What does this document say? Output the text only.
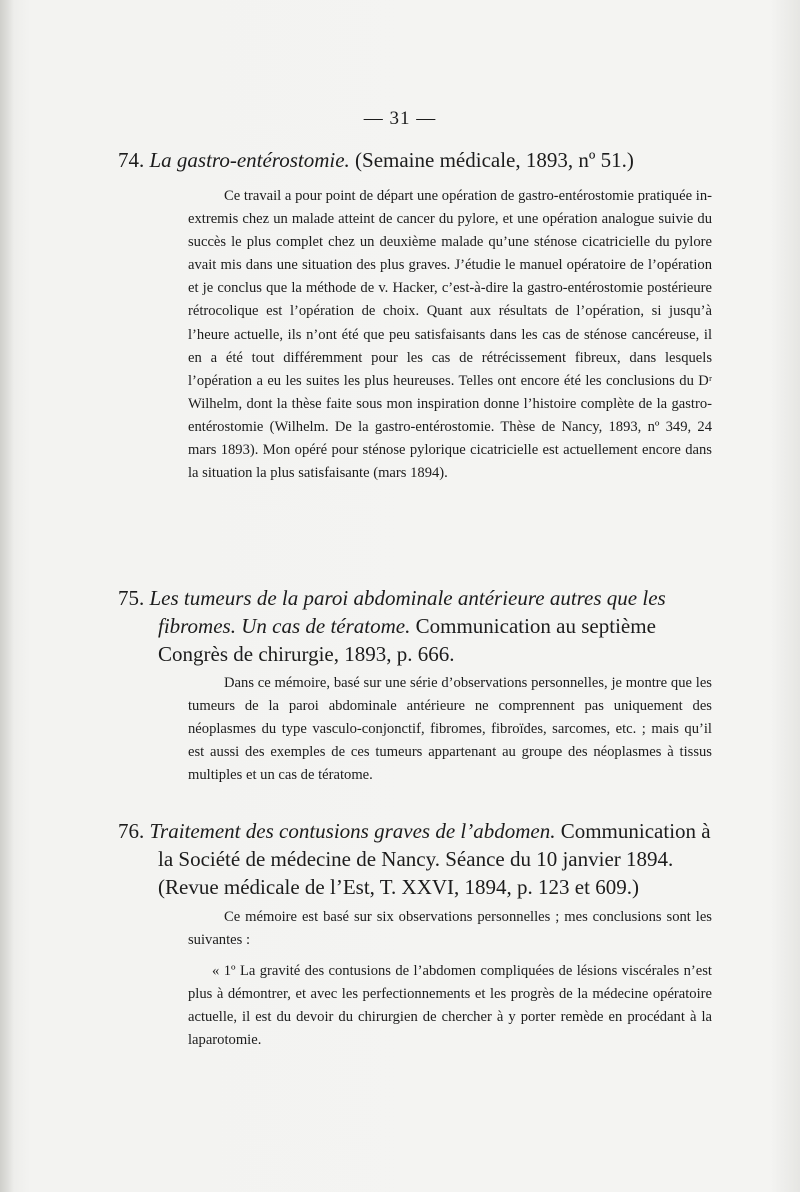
— 31 —
74. La gastro-entérostomie. (Semaine médicale, 1893, nº 51.)

Ce travail a pour point de départ une opération de gastro-entérostomie pratiquée in-extremis chez un malade atteint de cancer du pylore, et une opération analogue suivie du succès le plus complet chez un deuxième malade qu’une sténose cicatricielle du pylore avait mis dans une situation des plus graves. J’étudie le manuel opératoire de l’opération et je conclus que la méthode de v. Hacker, c’est-à-dire la gastro-entérostomie postérieure rétrocolique est l’opération de choix. Quant aux résultats de l’opération, si jusqu’à l’heure actuelle, ils n’ont été que peu satisfaisants dans les cas de sténose cancéreuse, il en a été tout différemment pour les cas de rétrécissement fibreux, dans lesquels l’opération a eu les suites les plus heureuses. Telles ont encore été les conclusions du Dʳ Wilhelm, dont la thèse faite sous mon inspiration donne l’histoire complète de la gastro-entérostomie (Wilhelm. De la gastro-entérostomie. Thèse de Nancy, 1893, nº 349, 24 mars 1893). Mon opéré pour sténose pylorique cicatricielle est actuellement encore dans la situation la plus satisfaisante (mars 1894).

75. Les tumeurs de la paroi abdominale antérieure autres que les
fibromes. Un cas de tératome. Communication au septième
Congrès de chirurgie, 1893, p. 666.

Dans ce mémoire, basé sur une série d’observations personnelles, je montre que les tumeurs de la paroi abdominale antérieure ne comprennent pas uniquement des néoplasmes du type vasculo-conjonctif, fibromes, fibroïdes, sarcomes, etc. ; mais qu’il est aussi des exemples de ces tumeurs appartenant au groupe des néoplasmes à tissus multiples et un cas de tératome.

76. Traitement des contusions graves de l’abdomen. Communication à
la Société de médecine de Nancy. Séance du 10 janvier 1894.
(Revue médicale de l’Est, T. XXVI, 1894, p. 123 et 609.)

Ce mémoire est basé sur six observations personnelles ; mes conclusions sont les suivantes :

« 1º La gravité des contusions de l’abdomen compliquées de lésions viscérales n’est plus à démontrer, et avec les perfectionnements et les progrès de la médecine opératoire actuelle, il est du devoir du chirurgien de chercher à y porter remède en procédant à la laparotomie.
